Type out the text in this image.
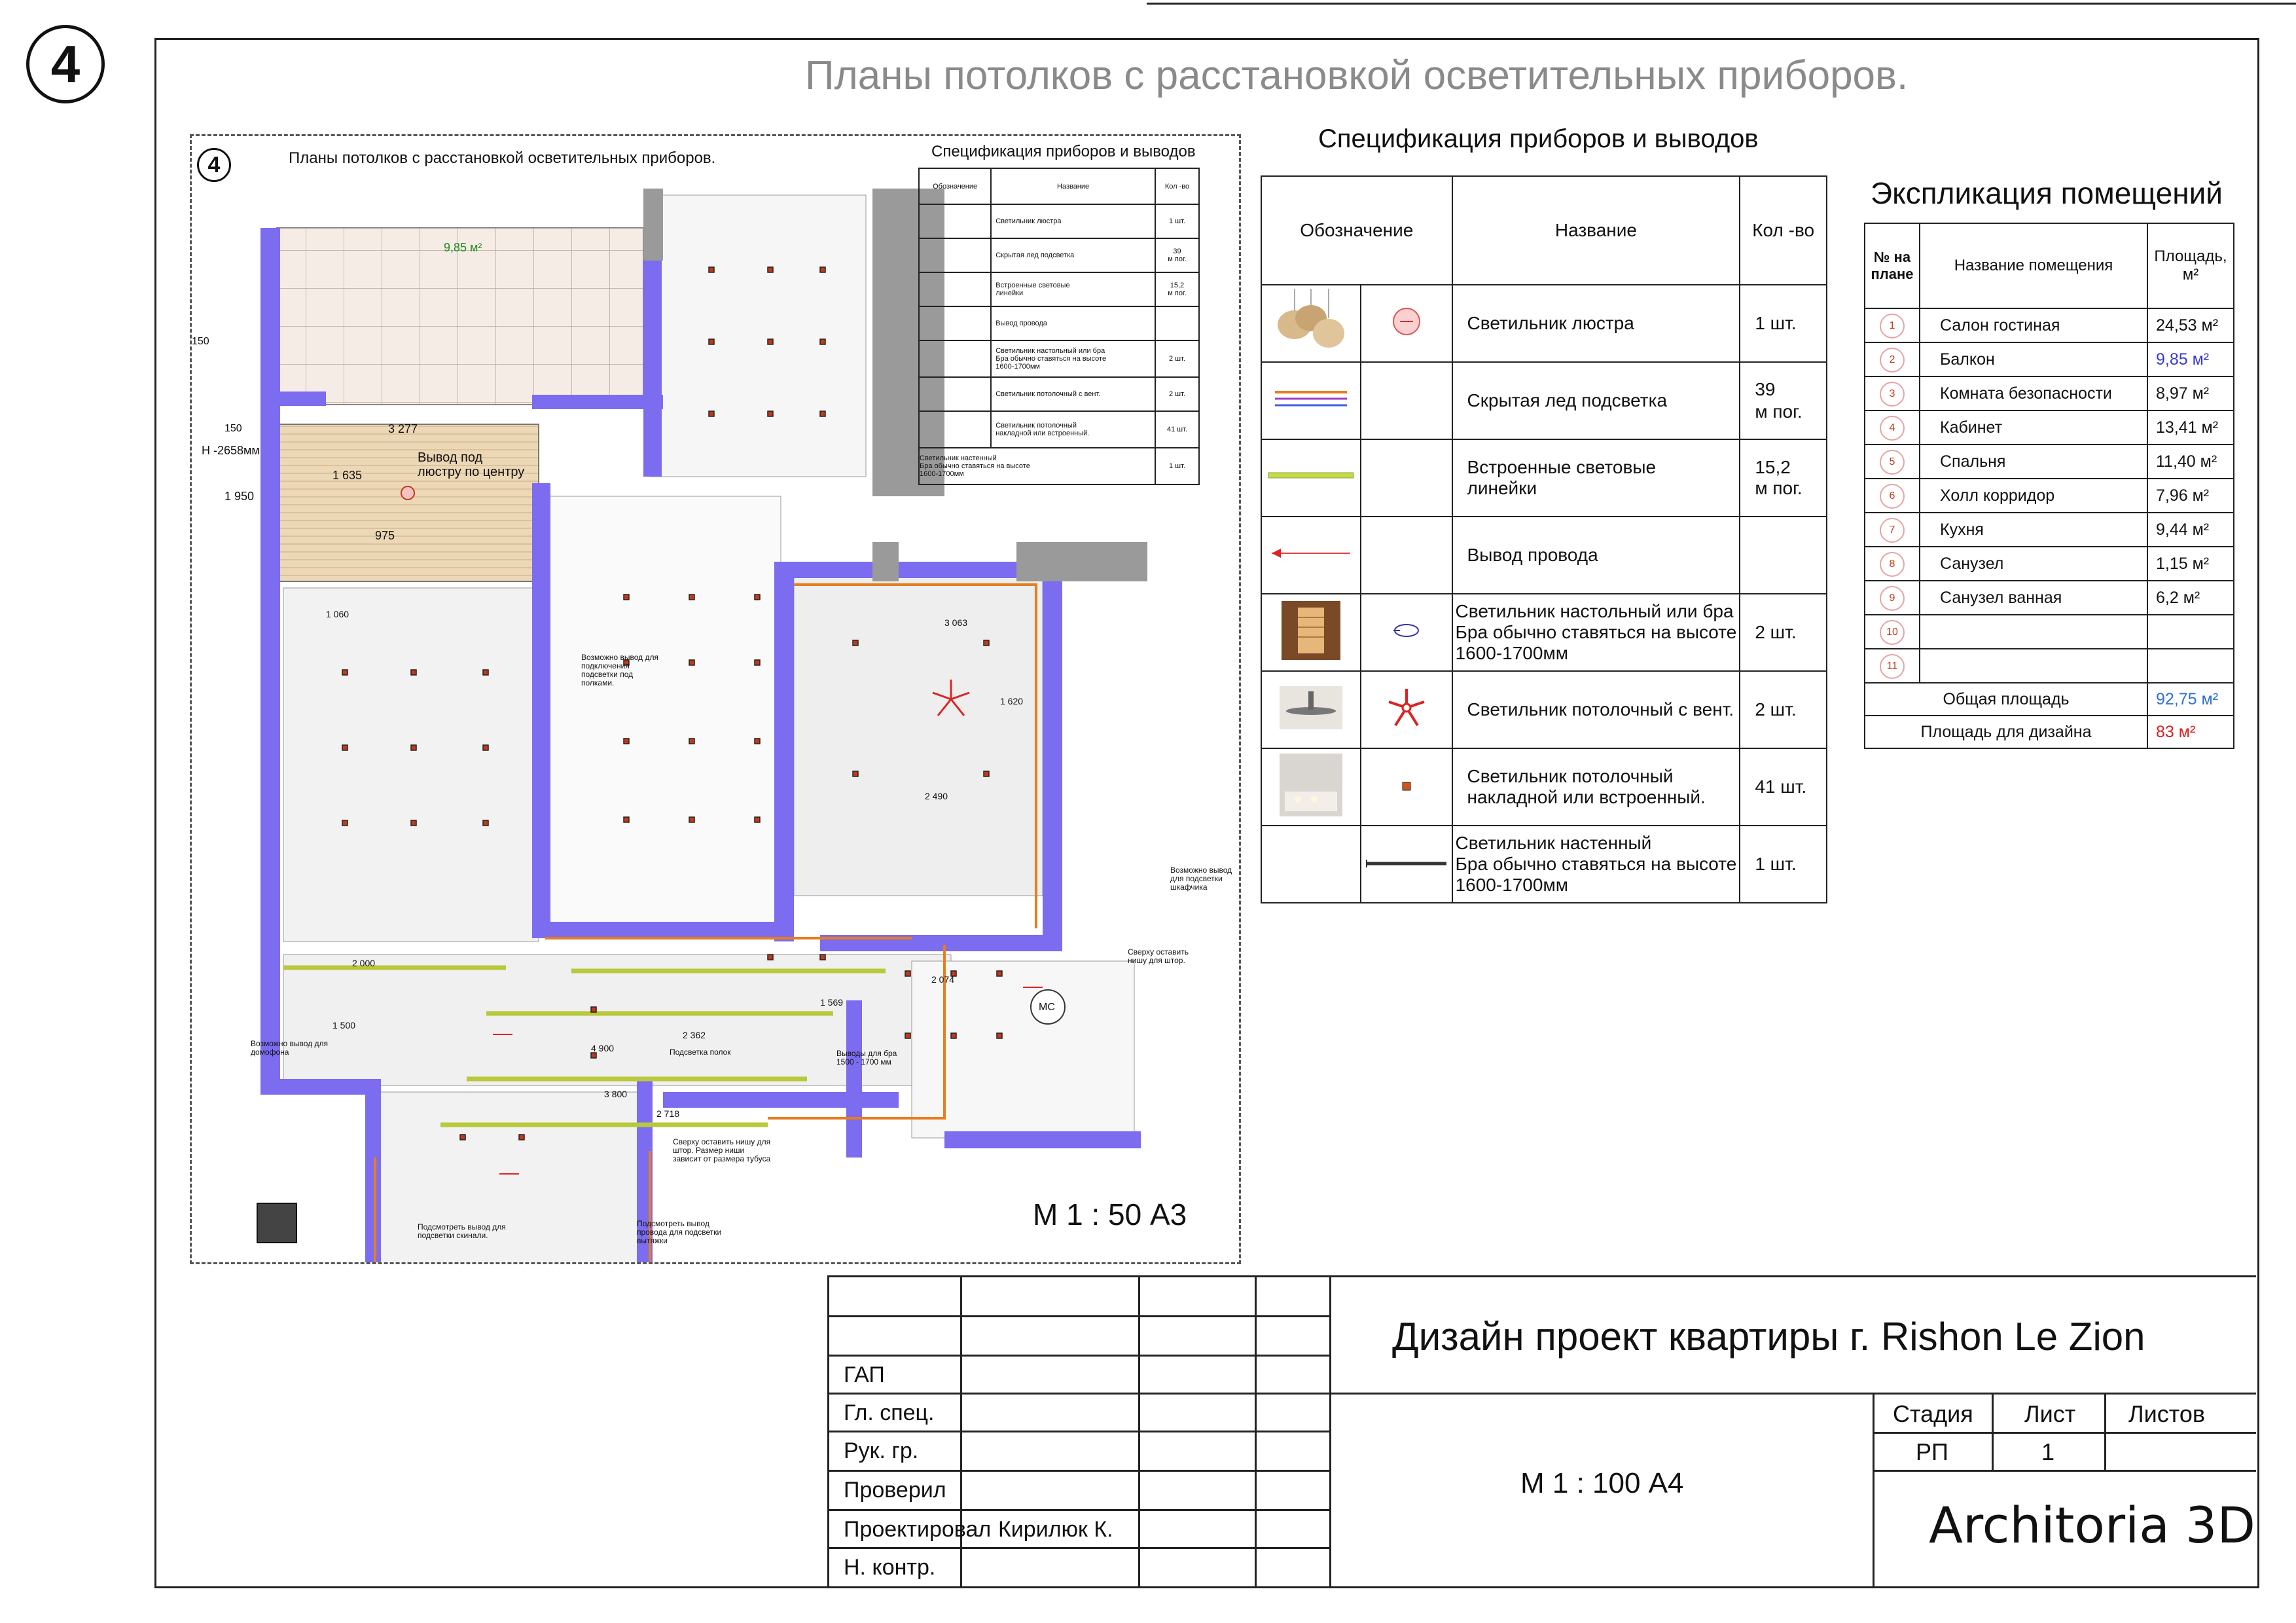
4	Планы потолков с расстановкой осветительных приборов.
4	Планы потолков с расстановкой осветительных приборов.	Спецификация приборов и выводов
М 1 : 50 А3
9,85 м²
Вывод под
люстру по центру
Н -2658мм
МС
3 277
1 635
975
1 950
150
150
2 000
1 500
4 900
3 800
2 362
2 718
2 074
1 569
3 063
1 620
2 490
1 060
Возможно вывод для подключения подсветки под полками.
Возможно вывод для домофона	Подсветка полок	Выводы для бра 1500 - 1700 мм
Сверху оставить нишу для штор. Размер ниши зависит от размера тубуса
Подсмотреть вывод для подсветки скинали.
Подсмотреть вывод провода для подсветки вытяжки
Сверху оставить нишу для штор.
Возможно вывод для подсветки шкафчика
Обозначение	Название	Кол -во
	Светильник люстра	1 шт.
	Скрытая лед подсветка	39
м пог.
	Встроенные световые
линейки	15,2
м пог.
	Вывод провода	
	Светильник настольный или бра
Бра обычно ставяться на высоте
1600-1700мм	2 шт.
	Светильник потолочный с вент.	2 шт.
	Светильник потолочный
накладной или встроенный.	41 шт.
Светильник настенный
Бра обычно ставяться на высоте
1600-1700мм		1 шт.
Спецификация приборов и выводов
Обозначение		Название	Кол -во
		Светильник люстра	1 шт.
		Скрытая лед подсветка	39
м пог.
		Встроенные световые
линейки	15,2
м пог.
		Вывод провода	
		Светильник настольный или бра
Бра обычно ставяться на высоте
1600-1700мм	2 шт.
		Светильник потолочный с вент.	2 шт.
		Светильник потолочный
накладной или встроенный.	41 шт.
		Светильник настенный
Бра обычно ставяться на высоте
1600-1700мм	1 шт.
Экспликация помещений
№ на
плане	Название помещения	Площадь,
м²
1	Салон гостиная	24,53 м²
2	Балкон	9,85 м²
3	Комната безопасности	8,97 м²
4	Кабинет	13,41 м²
5	Спальня	11,40 м²
6	Холл корридор	7,96 м²
7	Кухня	9,44 м²
8	Санузел	1,15 м²
9	Санузел ванная	6,2 м²
10		
11		
Общая площадь		92,75 м²
Площадь для дизайна		83 м²
ГАП
Гл. спец.
Рук. гр.
Проверил
Проектировал Кирилюк К.
Н. контр.
Дизайн проект квартиры г. Rishon Le Zion
М 1 : 100 А4
Стадия Лист Листов
РП	1
Architoria 3D
